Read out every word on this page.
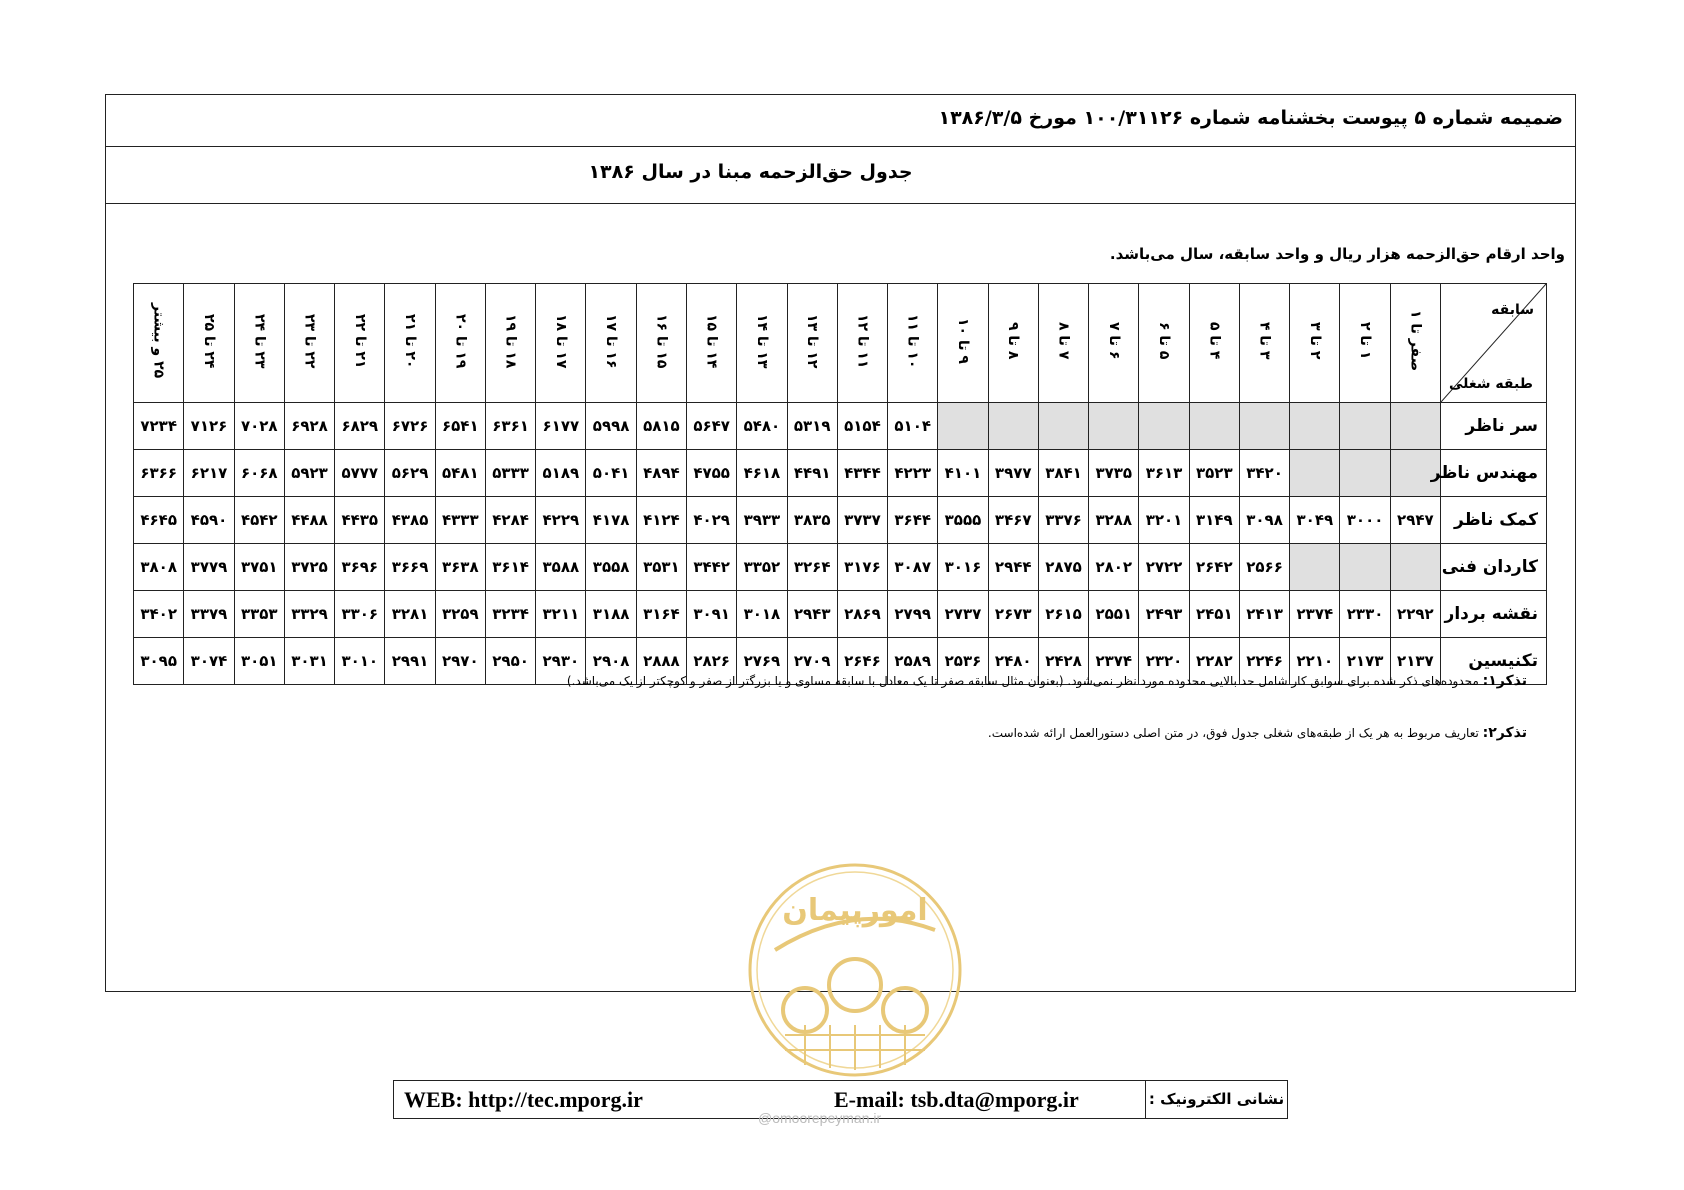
ضمیمه شماره ۵ پیوست بخشنامه شماره ۱۰۰/۳۱۱۲۶ مورخ ۱۳۸۶/۳/۵
جدول حق‌الزحمه مبنا در سال ۱۳۸۶
واحد ارقام حق‌الزحمه هزار ریال و واحد سابقه، سال می‌باشد.
سابقه
طبقه شغلی	صفر تا ۱	۱ تا ۲	۲ تا ۳	۳ تا ۴	۴ تا ۵	۵ تا ۶	۶ تا ۷	۷ تا ۸	۸ تا ۹	۹ تا ۱۰	۱۰ تا ۱۱	۱۱ تا ۱۲	۱۲ تا ۱۳	۱۳ تا ۱۴	۱۴ تا ۱۵	۱۵ تا ۱۶	۱۶ تا ۱۷	۱۷ تا ۱۸	۱۸ تا ۱۹	۱۹ تا ۲۰	۲۰ تا ۲۱	۲۱ تا ۲۲	۲۲ تا ۲۳	۲۳ تا ۲۴	۲۴ تا ۲۵	۲۵ و بیشتر
سر ناظر											۵۱۰۴	۵۱۵۴	۵۳۱۹	۵۴۸۰	۵۶۴۷	۵۸۱۵	۵۹۹۸	۶۱۷۷	۶۳۶۱	۶۵۴۱	۶۷۲۶	۶۸۲۹	۶۹۲۸	۷۰۲۸	۷۱۲۶	۷۲۳۴
مهندس ناظر				۳۴۲۰	۳۵۲۳	۳۶۱۳	۳۷۳۵	۳۸۴۱	۳۹۷۷	۴۱۰۱	۴۲۲۳	۴۳۴۴	۴۴۹۱	۴۶۱۸	۴۷۵۵	۴۸۹۴	۵۰۴۱	۵۱۸۹	۵۳۳۳	۵۴۸۱	۵۶۲۹	۵۷۷۷	۵۹۲۳	۶۰۶۸	۶۲۱۷	۶۳۶۶
کمک ناظر	۲۹۴۷	۳۰۰۰	۳۰۴۹	۳۰۹۸	۳۱۴۹	۳۲۰۱	۳۲۸۸	۳۳۷۶	۳۴۶۷	۳۵۵۵	۳۶۴۴	۳۷۳۷	۳۸۳۵	۳۹۳۳	۴۰۲۹	۴۱۲۴	۴۱۷۸	۴۲۲۹	۴۲۸۴	۴۳۳۳	۴۳۸۵	۴۴۳۵	۴۴۸۸	۴۵۴۲	۴۵۹۰	۴۶۴۵
کاردان فنی				۲۵۶۶	۲۶۴۲	۲۷۲۲	۲۸۰۲	۲۸۷۵	۲۹۴۴	۳۰۱۶	۳۰۸۷	۳۱۷۶	۳۲۶۴	۳۳۵۲	۳۴۴۲	۳۵۳۱	۳۵۵۸	۳۵۸۸	۳۶۱۴	۳۶۳۸	۳۶۶۹	۳۶۹۶	۳۷۲۵	۳۷۵۱	۳۷۷۹	۳۸۰۸
نقشه بردار	۲۲۹۲	۲۳۳۰	۲۳۷۴	۲۴۱۳	۲۴۵۱	۲۴۹۳	۲۵۵۱	۲۶۱۵	۲۶۷۳	۲۷۳۷	۲۷۹۹	۲۸۶۹	۲۹۴۳	۳۰۱۸	۳۰۹۱	۳۱۶۴	۳۱۸۸	۳۲۱۱	۳۲۳۴	۳۲۵۹	۳۲۸۱	۳۳۰۶	۳۳۲۹	۳۳۵۳	۳۳۷۹	۳۴۰۲
تکنیسین	۲۱۳۷	۲۱۷۳	۲۲۱۰	۲۲۴۶	۲۲۸۲	۲۳۲۰	۲۳۷۴	۲۴۲۸	۲۴۸۰	۲۵۳۶	۲۵۸۹	۲۶۴۶	۲۷۰۹	۲۷۶۹	۲۸۲۶	۲۸۸۸	۲۹۰۸	۲۹۳۰	۲۹۵۰	۲۹۷۰	۲۹۹۱	۳۰۱۰	۳۰۳۱	۳۰۵۱	۳۰۷۴	۳۰۹۵
تذکر۱: محدوده‌های ذکر شده برای سوابق کار شامل حد بالایی محدوده مورد نظر نمی‌شود. (بعنوان مثال سابقه صفر تا یک معادل با سابقه مساوی و یا بزرگتر از صفر و کوچکتر از یک می‌باشد.)
تذکر۲: تعاریف مربوط به هر یک از طبقه‌های شغلی جدول فوق، در متن اصلی دستورالعمل ارائه شده‌است.
امورپیمان
WEB: http://tec.mporg.ir	E-mail: tsb.dta@mporg.ir	نشانی الکترونیک :
@omoorepeyman.ir
